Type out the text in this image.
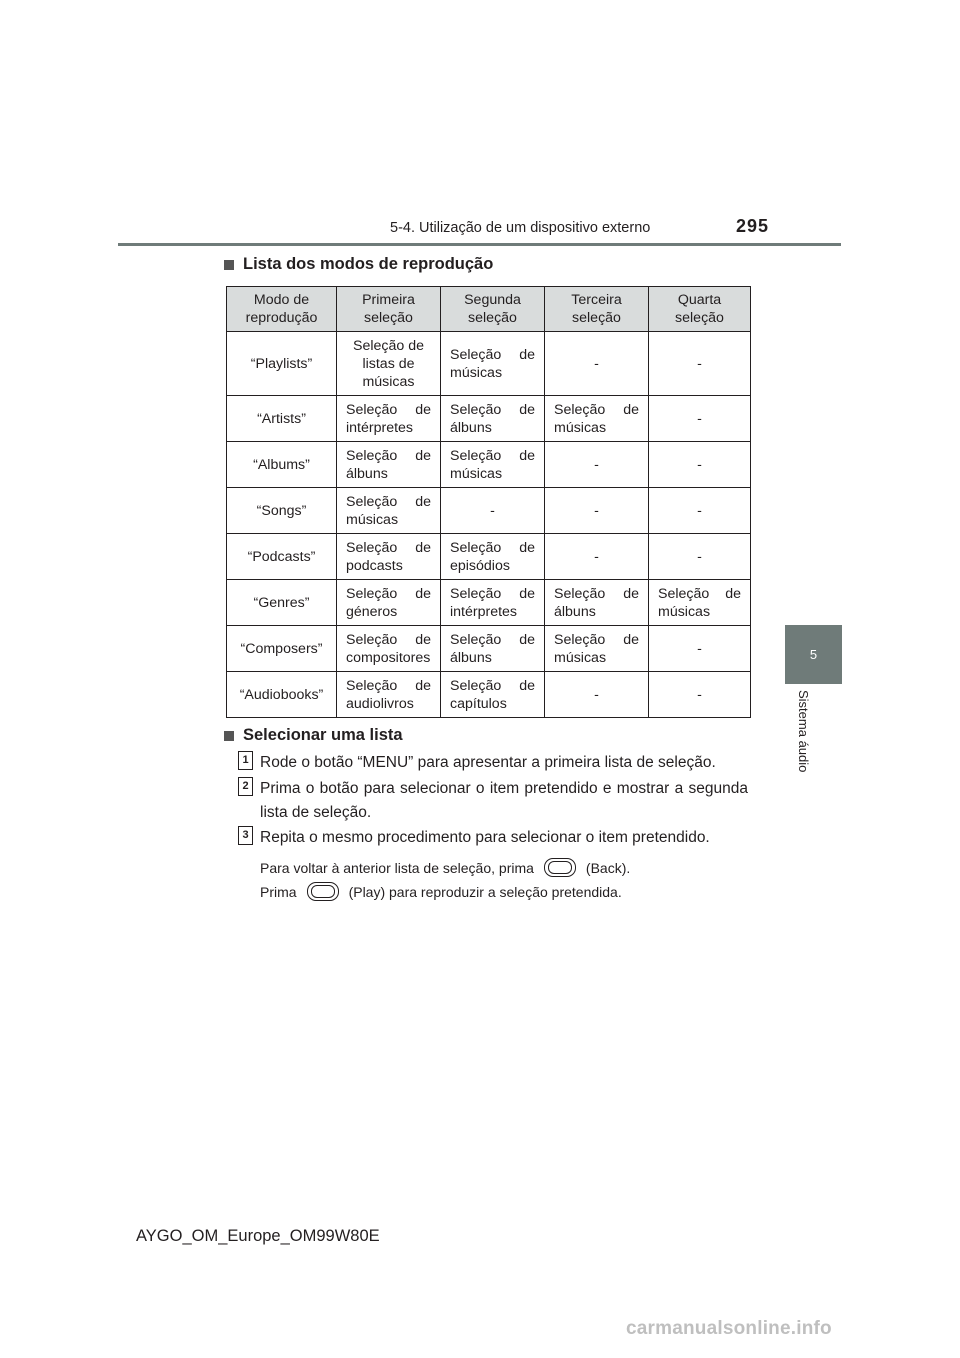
5-4. Utilização de um dispositivo externo	295
5
Sistema áudio
Lista dos modos de reprodução
Modo de reprodução	Primeira seleção	Segunda seleção	Terceira seleção	Quarta seleção
“Playlists”	Seleção de listas de músicas	Seleção de músicas	-	-
“Artists”	Seleção de intérpretes	Seleção de álbuns	Seleção de músicas	-
“Albums”	Seleção de álbuns	Seleção de músicas	-	-
“Songs”	Seleção de músicas	-	-	-
“Podcasts”	Seleção de podcasts	Seleção de episódios	-	-
“Genres”	Seleção de géneros	Seleção de intérpretes	Seleção de álbuns	Seleção de músicas
“Composers”	Seleção de compositores	Seleção de álbuns	Seleção de músicas	-
“Audiobooks”	Seleção de audiolivros	Seleção de capítulos	-	-
Selecionar uma lista
1 Rode o botão “MENU” para apresentar a primeira lista de seleção.
2 Prima o botão para selecionar o item pretendido e mostrar a segunda lista de seleção.
3 Repita o mesmo procedimento para selecionar o item pretendido.
Para voltar à anterior lista de seleção, prima	(Back).
Prima	(Play) para reproduzir a seleção pretendida.
AYGO_OM_Europe_OM99W80E
carmanualsonline.info
